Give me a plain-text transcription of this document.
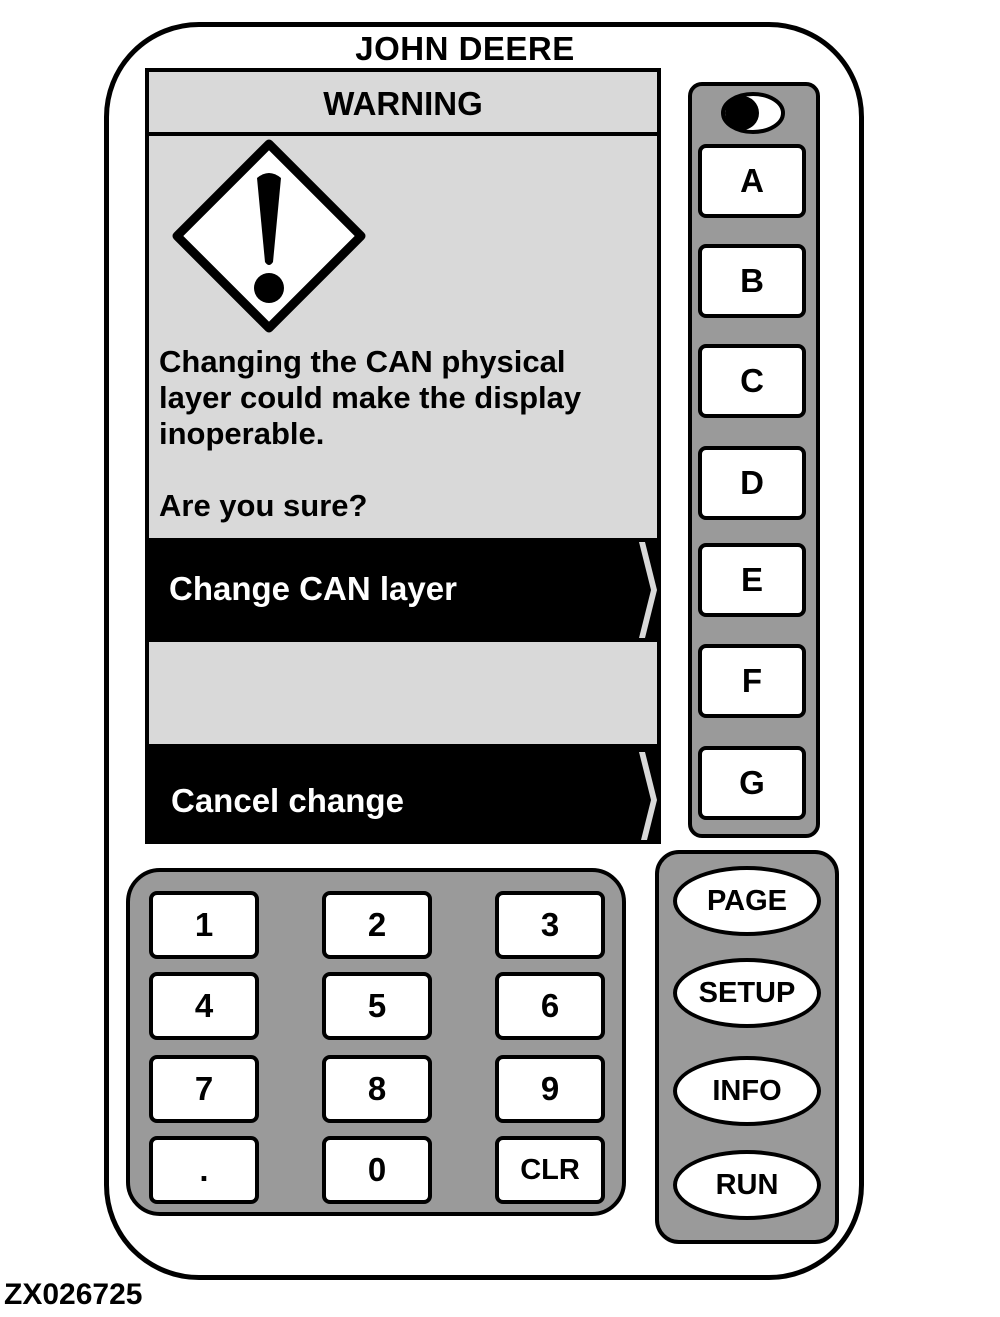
JOHN DEERE
WARNING
Changing the CAN physical
layer could make the display
inoperable.
Are you sure?
Change CAN layer
Cancel change
A
B
C
D
E
F
G
1	2	3
4	5	6
7	8	9
.	0	CLR
PAGE
SETUP
INFO
RUN
ZX026725
